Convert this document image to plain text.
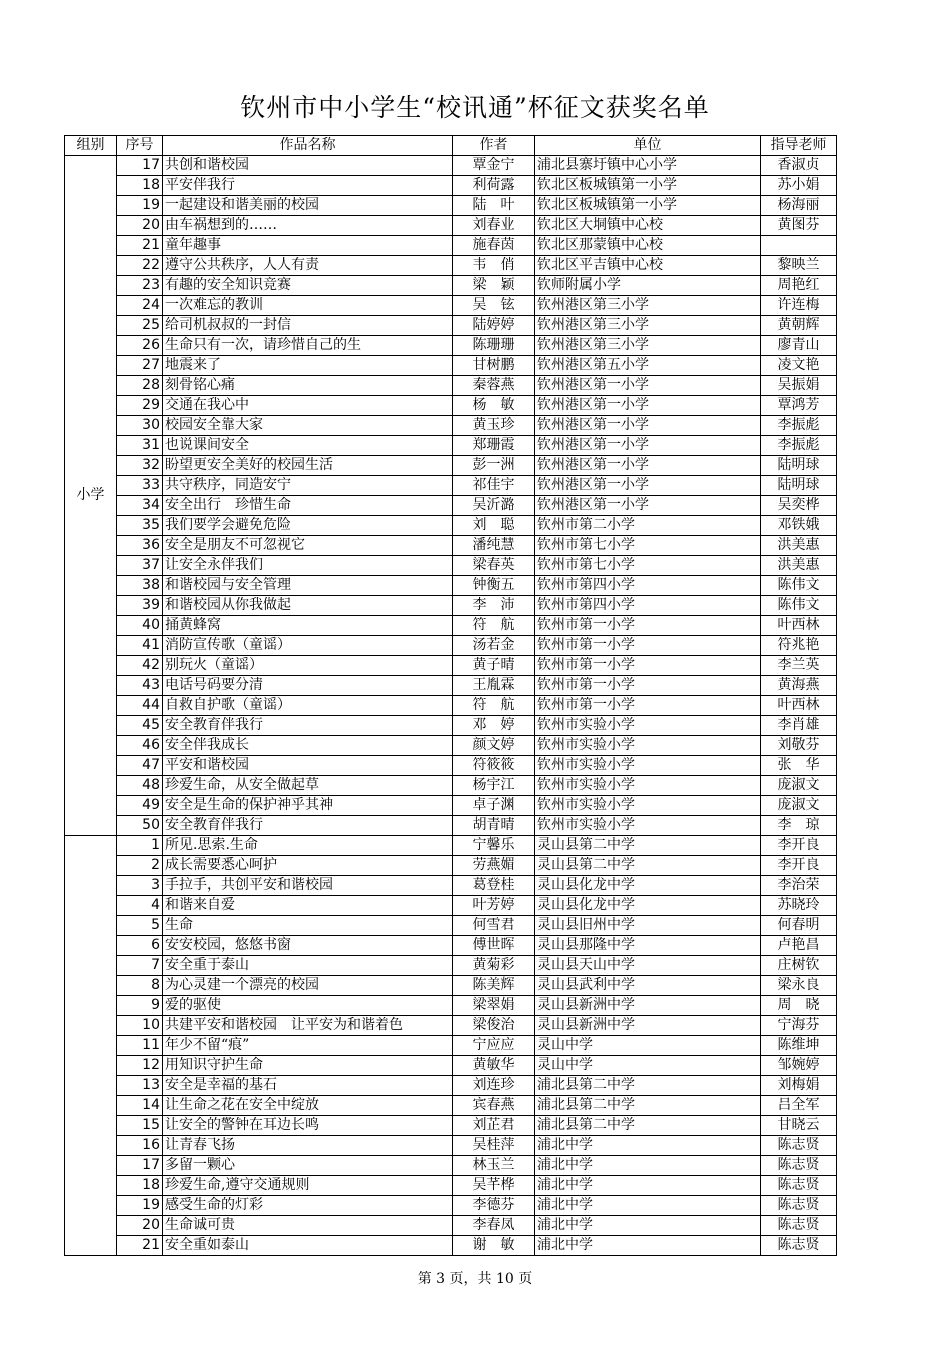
钦州市中小学生“校讯通”杯征文获奖名单
组别	序号	作品名称	作者	单位	指导老师
小学	17	共创和谐校园	覃金宁	浦北县寨圩镇中心小学	香淑贞
	18	平安伴我行	利荷露	钦北区板城镇第一小学	苏小娟
	19	一起建设和谐美丽的校园	陆　叶	钦北区板城镇第一小学	杨海丽
	20	由车祸想到的……	刘春业	钦北区大垌镇中心校	黄图芬
	21	童年趣事	施春茵	钦北区那蒙镇中心校	
	22	遵守公共秩序，人人有责	韦　俏	钦北区平吉镇中心校	黎映兰
	23	有趣的安全知识竞赛	梁　颖	钦师附属小学	周艳红
	24	一次难忘的教训	吴　铉	钦州港区第三小学	许连梅
	25	给司机叔叔的一封信	陆婷婷	钦州港区第三小学	黄朝辉
	26	生命只有一次，请珍惜自己的生	陈珊珊	钦州港区第三小学	廖青山
	27	地震来了	甘树鹏	钦州港区第五小学	凌文艳
	28	刻骨铭心痛	秦蓉燕	钦州港区第一小学	吴振娟
	29	交通在我心中	杨　敏	钦州港区第一小学	覃鸿芳
	30	校园安全靠大家	黄玉珍	钦州港区第一小学	李振彪
	31	也说课间安全	郑珊霞	钦州港区第一小学	李振彪
	32	盼望更安全美好的校园生活	彭一洲	钦州港区第一小学	陆明球
	33	共守秩序，同造安宁	祁佳宇	钦州港区第一小学	陆明球
	34	安全出行　珍惜生命	吴沂潞	钦州港区第一小学	吴奕桦
	35	我们要学会避免危险	刘　聪	钦州市第二小学	邓铁娥
	36	安全是朋友不可忽视它	潘纯慧	钦州市第七小学	洪美惠
	37	让安全永伴我们	梁春英	钦州市第七小学	洪美惠
	38	和谐校园与安全管理	钟衡五	钦州市第四小学	陈伟文
	39	和谐校园从你我做起	李　沛	钦州市第四小学	陈伟文
	40	捅黄蜂窝	符　航	钦州市第一小学	叶西林
	41	消防宣传歌（童谣）	汤若金	钦州市第一小学	符兆艳
	42	别玩火（童谣）	黄子晴	钦州市第一小学	李兰英
	43	电话号码要分清	王胤霖	钦州市第一小学	黄海燕
	44	自救自护歌（童谣）	符　航	钦州市第一小学	叶西林
	45	安全教育伴我行	邓　婷	钦州市实验小学	李肖雄
	46	安全伴我成长	颜文婷	钦州市实验小学	刘敬芬
	47	平安和谐校园	符筱筱	钦州市实验小学	张　华
	48	珍爱生命，从安全做起草	杨宇江	钦州市实验小学	庞淑文
	49	安全是生命的保护神乎其神	卓子渊	钦州市实验小学	庞淑文
	50	安全教育伴我行	胡青晴	钦州市实验小学	李　琼
	1	所见.思索.生命	宁馨乐	灵山县第二中学	李开良
	2	成长需要悉心呵护	劳燕媚	灵山县第二中学	李开良
	3	手拉手，共创平安和谐校园	葛登桂	灵山县化龙中学	李治荣
	4	和谐来自爱	叶芳婷	灵山县化龙中学	苏晓玲
	5	生命	何雪君	灵山县旧州中学	何春明
	6	安安校园，悠悠书窗	傅世晖	灵山县那隆中学	卢艳昌
	7	安全重于泰山	黄菊彩	灵山县天山中学	庄树钦
	8	为心灵建一个漂亮的校园	陈美辉	灵山县武利中学	梁永良
	9	爱的驱使	梁翠娟	灵山县新洲中学	周　晓
	10	共建平安和谐校园　让平安为和谐着色	梁俊治	灵山县新洲中学	宁海芬
	11	年少不留“痕”	宁应应	灵山中学	陈维坤
	12	用知识守护生命	黄敏华	灵山中学	邹婉婷
	13	安全是幸福的基石	刘连珍	浦北县第二中学	刘梅娟
	14	让生命之花在安全中绽放	宾春燕	浦北县第二中学	吕全军
	15	让安全的警钟在耳边长鸣	刘芷君	浦北县第二中学	甘晓云
	16	让青春飞扬	吴桂萍	浦北中学	陈志贤
	17	多留一颗心	林玉兰	浦北中学	陈志贤
	18	珍爱生命,遵守交通规则	吴芊桦	浦北中学	陈志贤
	19	感受生命的灯彩	李德芬	浦北中学	陈志贤
	20	生命诚可贵	李春凤	浦北中学	陈志贤
	21	安全重如泰山	谢　敏	浦北中学	陈志贤
第 3 页，共 10 页
